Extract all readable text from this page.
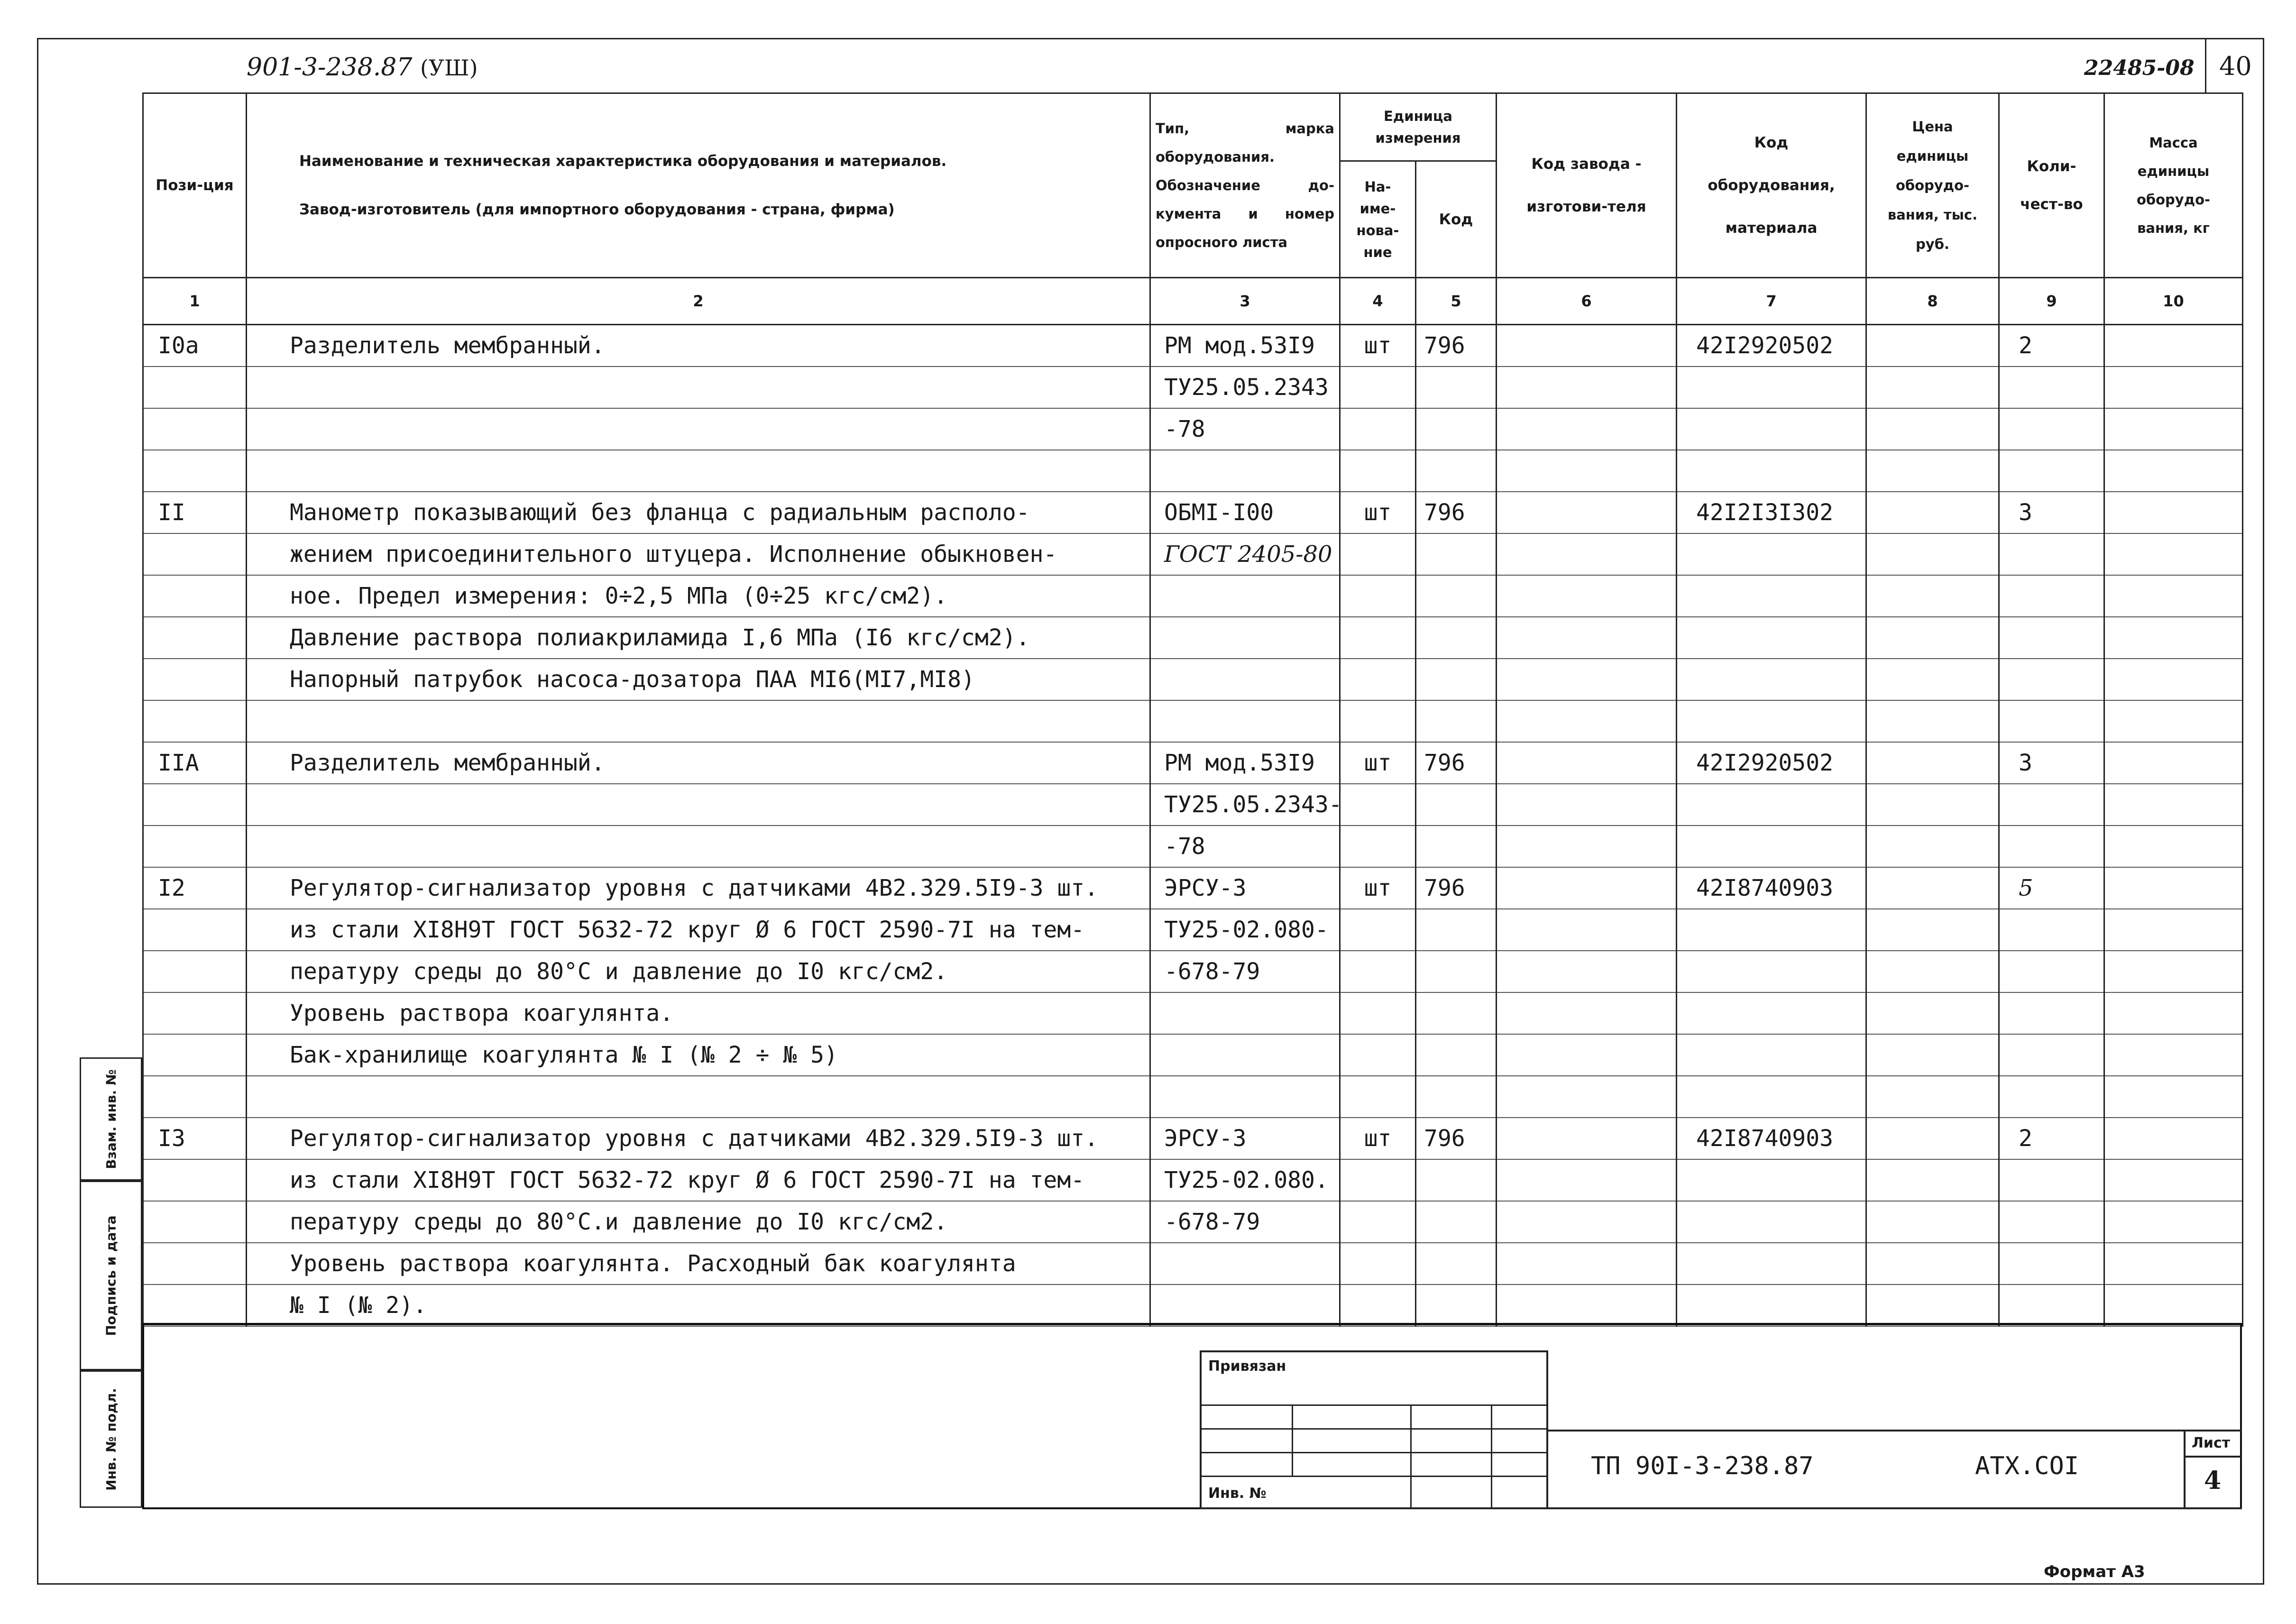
901-3-238.87 (УШ)	22485-08 40
Пози-ция	Наименование и техническая характеристика оборудования и материалов.
Завод-изготовитель (для импортного оборудования - страна, фирма)	Тип, марка оборудования. Обозначение до-кумента и номер опросного листа	Единица измерения		Код завода - изготови-теля	Код оборудования, материала	Цена единицы оборудо-вания, тыс. руб.	Коли-чест-во	Масса единицы оборудо-вания, кг
			На-име-нова-ние	Код					
1	2	3	4	5	6	7	8	9	10
I0a	Разделитель мембранный.	РМ мод.53I9	шт	796		42I2920502		2	
		ТУ25.05.2343							
		-78							

II	Манометр показывающий без фланца с радиальным располо-	ОБМI-I00	шт	796		42I2I3I302		3	
	жением присоединительного штуцера. Исполнение обыкновен-	ГОСТ 2405-80							
	ное. Предел измерения: 0÷2,5 МПа (0÷25 кгс/см2).								
	Давление раствора полиакриламида I,6 МПа (I6 кгс/см2).								
	Напорный патрубок насоса-дозатора ПАА МI6(МI7,МI8)								

IIA	Разделитель мембранный.	РМ мод.53I9	шт	796		42I2920502		3	
		ТУ25.05.2343-							
		-78							
I2	Регулятор-сигнализатор уровня с датчиками 4В2.329.5I9-3 шт.	ЭРСУ-3	шт	796		42I8740903		5	
	из стали ХI8Н9Т ГОСТ 5632-72 круг Ø 6 ГОСТ 2590-7I на тем-	ТУ25-02.080-							
	пературу среды до 80°С и давление до I0 кгс/см2.	-678-79							
	Уровень раствора коагулянта.								
	Бак-хранилище коагулянта № I (№ 2 ÷ № 5)								

I3	Регулятор-сигнализатор уровня с датчиками 4В2.329.5I9-3 шт.	ЭРСУ-3	шт	796		42I8740903		2	
	из стали ХI8Н9Т ГОСТ 5632-72 круг Ø 6 ГОСТ 2590-7I на тем-	ТУ25-02.080.							
	пературу среды до 80°С.и давление до I0 кгс/см2.	-678-79							
	Уровень раствора коагулянта. Расходный бак коагулянта								
	№ I (№ 2).								
Взам. инв. №
Подпись и дата
Инв. № подл.
Привязан
Инв. №
ТП 90I-3-238.87	АТХ.СОI
Лист
4
Формат А3
